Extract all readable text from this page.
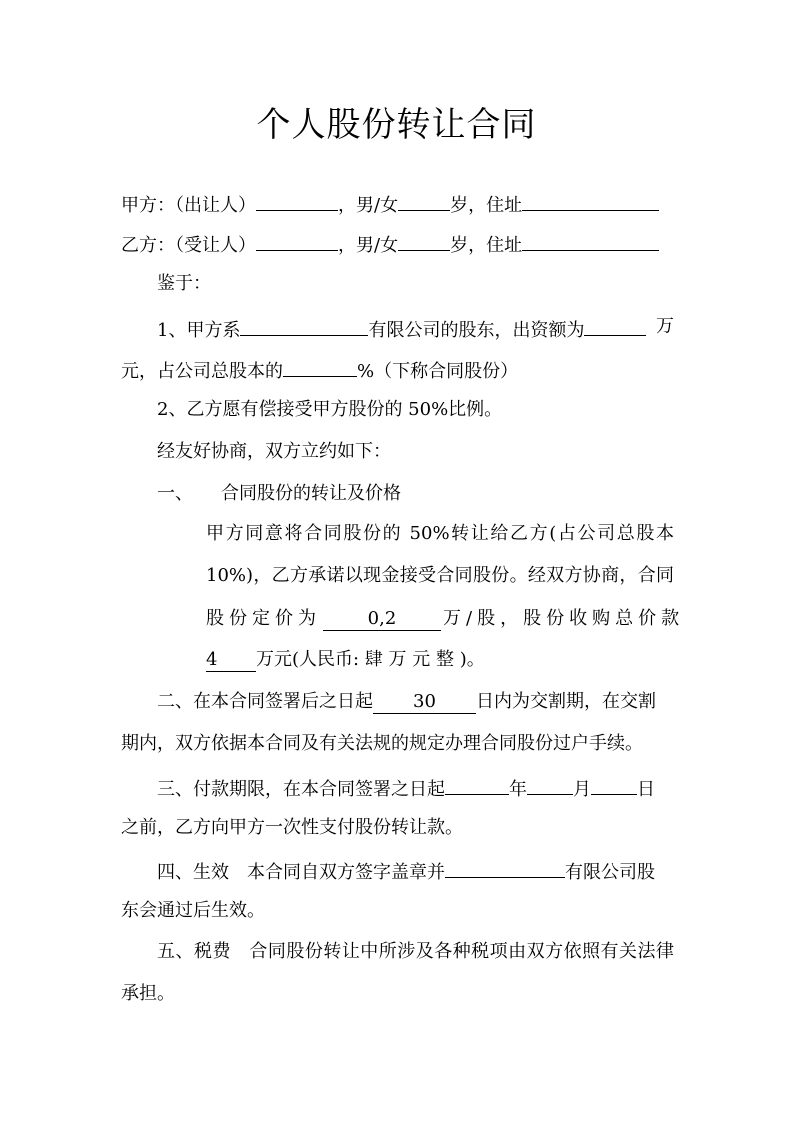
个人股份转让合同
甲方：（出让人）	，男/女	岁，住址
乙方：（受让人）	，男/女	岁，住址
鉴于：
1、甲方系	有限公司的股东，出资额为	万
元，占公司总股本的	%（下称合同股份）
2、乙方愿有偿接受甲方股份的 50%比例。
经友好协商，双方立约如下：
一、 合同股份的转让及价格
甲方同意将合同股份的 50%转让给乙方(占公司总股本
10%)，乙方承诺以现金接受合同股份。经双方协商，合同
股份定价为	0,2	万/股，股份收购总价款
4 万元(人民币: 肆 万 元 整 )。
二、在本合同签署后之日起 30 日内为交割期，在交割
期内，双方依据本合同及有关法规的规定办理合同股份过户手续。
三、付款期限，在本合同签署之日起	年	月	日
之前，乙方向甲方一次性支付股份转让款。
四、生效　本合同自双方签字盖章并	有限公司股
东会通过后生效。
五、税费　合同股份转让中所涉及各种税项由双方依照有关法律
承担。
